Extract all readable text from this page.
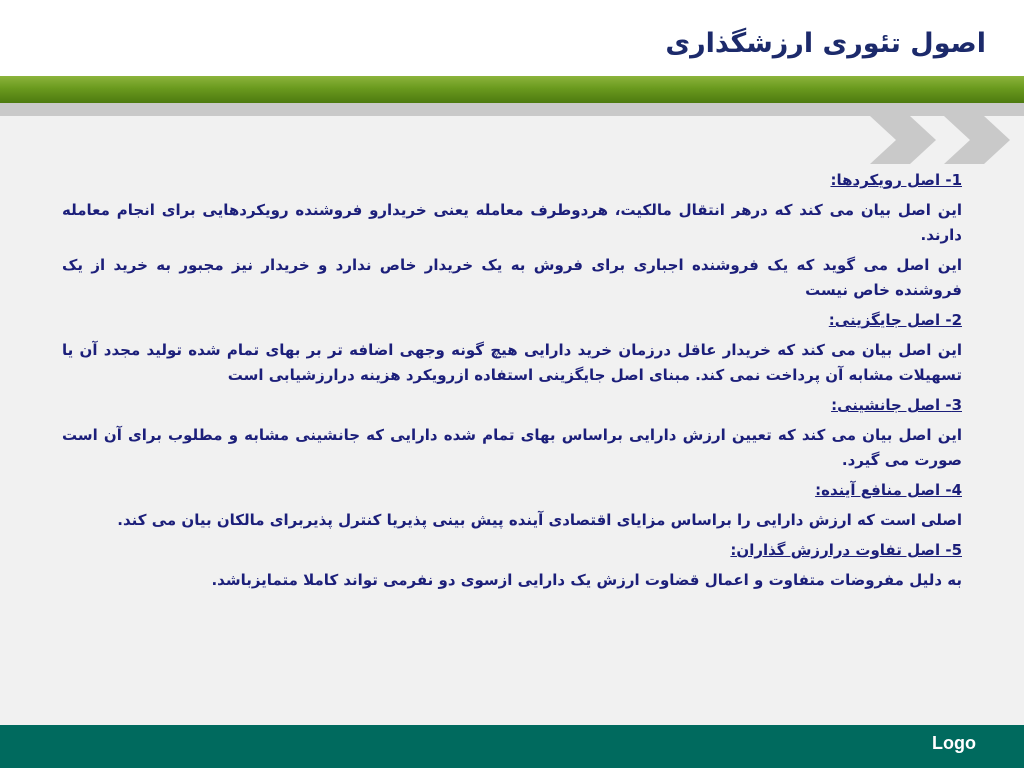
اصول تئوری ارزشگذاری

1- اصل رویکردها:

این اصل بیان می کند که درهر انتقال مالکیت، هردوطرف معامله یعنی خریدارو فروشنده رویکردهایی برای انجام معامله دارند.

این اصل می گوید که یک فروشنده اجباری برای فروش به یک خریدار خاص ندارد و خریدار نیز مجبور به خرید از یک فروشنده خاص نیست

2- اصل جایگزینی:

این اصل بیان می کند که خریدار عاقل درزمان خرید دارایی هیچ گونه وجهی اضافه تر بر بهای تمام شده تولید مجدد آن یا تسهیلات مشابه آن پرداخت نمی کند. مبنای اصل جایگزینی استفاده ازرویکرد هزینه درارزشیابی است

3- اصل جانشینی:

این اصل بیان می کند که تعیین ارزش دارایی براساس بهای تمام شده دارایی که جانشینی مشابه و مطلوب برای آن است صورت می گیرد.

4- اصل منافع آینده:

اصلی است که ارزش دارایی را براساس مزایای اقتصادی آینده پیش بینی پذیریا کنترل پذیربرای مالکان بیان می کند.

5- اصل تفاوت درارزش گذاران:

به دلیل مفروضات متفاوت و اعمال قضاوت ارزش یک دارایی ازسوی دو نفرمی تواند کاملا متمایزباشد.

Logo
